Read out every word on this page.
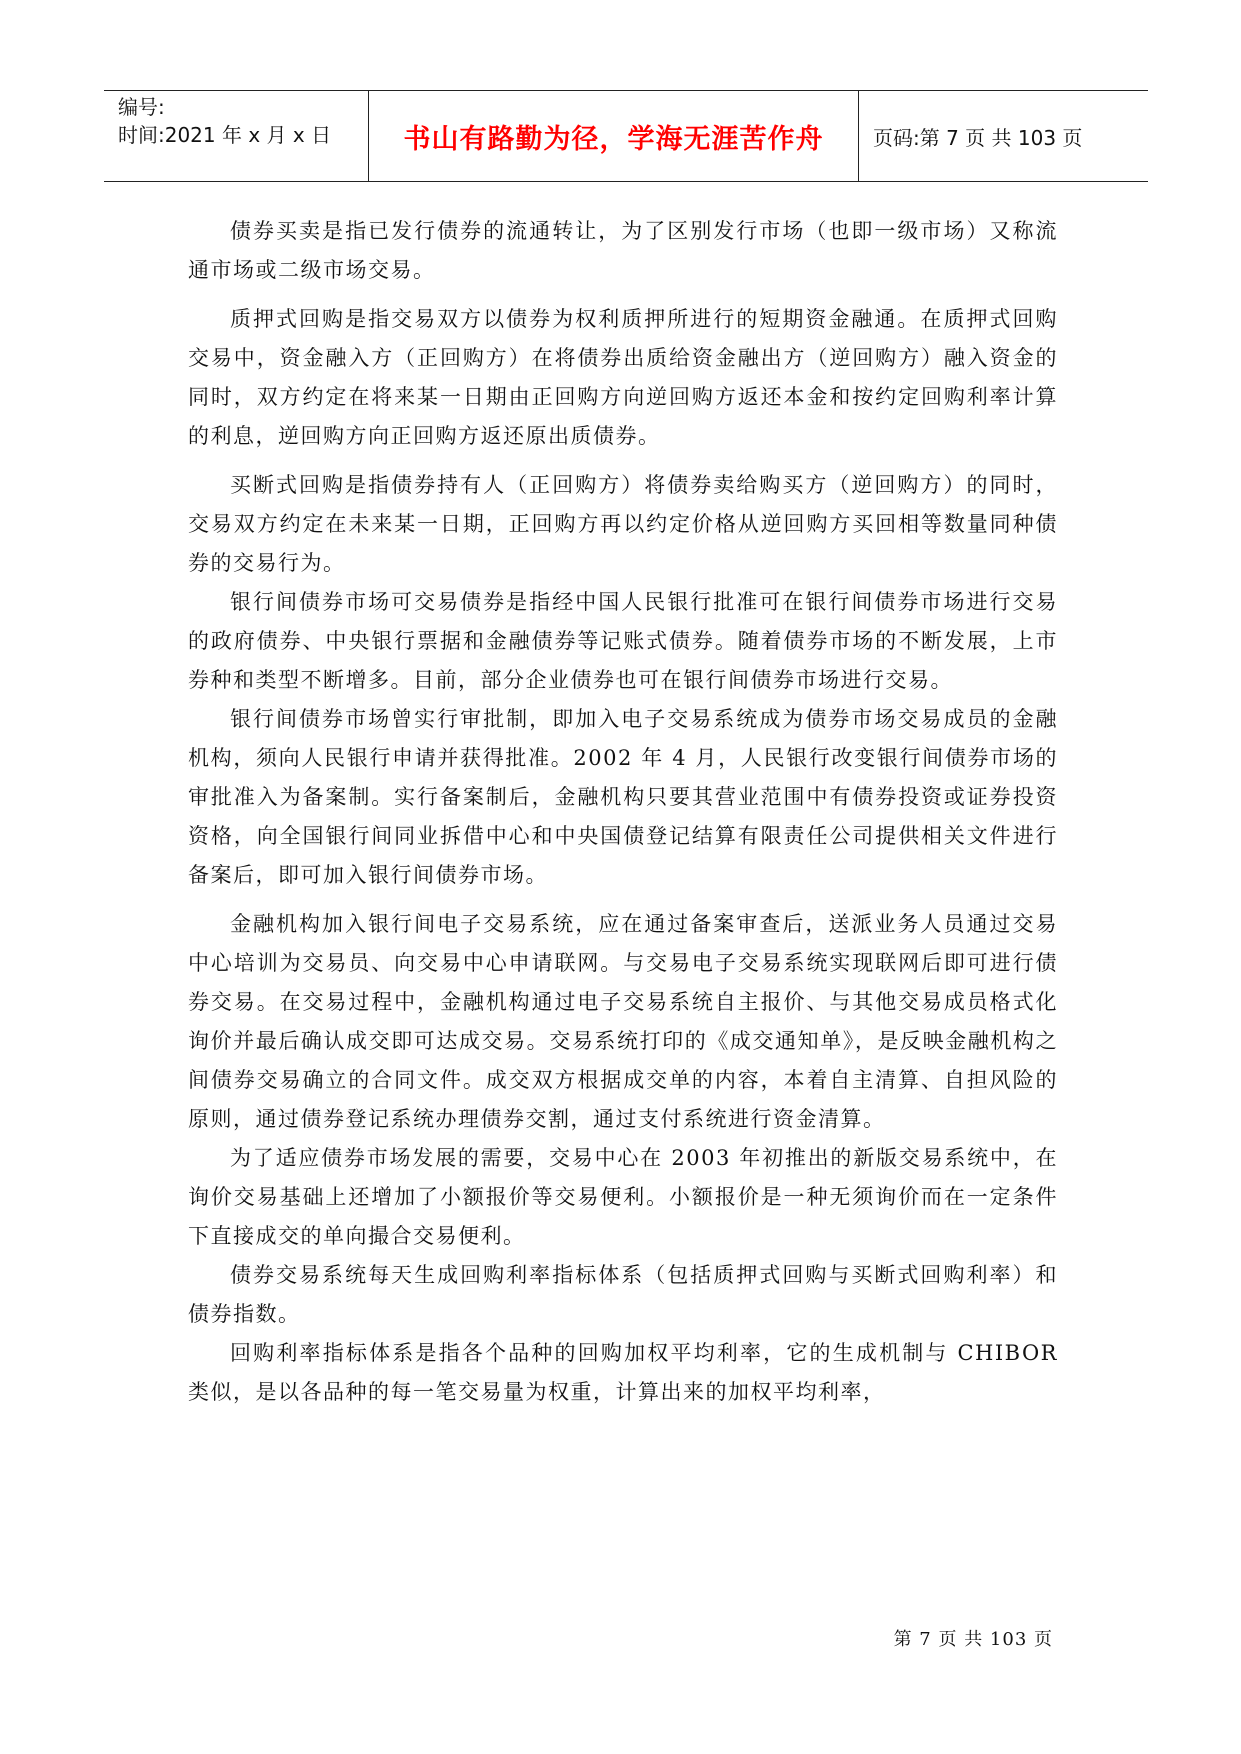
编号:
时间:2021 年 x 月 x 日	书山有路勤为径，学海无涯苦作舟 页码:第 7 页 共 103 页

债券买卖是指已发行债券的流通转让，为了区别发行市场（也即一级市场）又称流通市场或二级市场交易。

质押式回购是指交易双方以债券为权利质押所进行的短期资金融通。在质押式回购交易中，资金融入方（正回购方）在将债券出质给资金融出方（逆回购方）融入资金的同时，双方约定在将来某一日期由正回购方向逆回购方返还本金和按约定回购利率计算的利息，逆回购方向正回购方返还原出质债券。

买断式回购是指债券持有人（正回购方）将债券卖给购买方（逆回购方）的同时，交易双方约定在未来某一日期，正回购方再以约定价格从逆回购方买回相等数量同种债券的交易行为。

银行间债券市场可交易债券是指经中国人民银行批准可在银行间债券市场进行交易的政府债券、中央银行票据和金融债券等记账式债券。随着债券市场的不断发展，上市券种和类型不断增多。目前，部分企业债券也可在银行间债券市场进行交易。

银行间债券市场曾实行审批制，即加入电子交易系统成为债券市场交易成员的金融机构，须向人民银行申请并获得批准。2002 年 4 月，人民银行改变银行间债券市场的审批准入为备案制。实行备案制后，金融机构只要其营业范围中有债券投资或证券投资资格，向全国银行间同业拆借中心和中央国债登记结算有限责任公司提供相关文件进行备案后，即可加入银行间债券市场。

金融机构加入银行间电子交易系统，应在通过备案审查后，送派业务人员通过交易中心培训为交易员、向交易中心申请联网。与交易电子交易系统实现联网后即可进行债券交易。在交易过程中，金融机构通过电子交易系统自主报价、与其他交易成员格式化询价并最后确认成交即可达成交易。交易系统打印的《成交通知单》，是反映金融机构之间债券交易确立的合同文件。成交双方根据成交单的内容，本着自主清算、自担风险的原则，通过债券登记系统办理债券交割，通过支付系统进行资金清算。

为了适应债券市场发展的需要，交易中心在 2003 年初推出的新版交易系统中，在询价交易基础上还增加了小额报价等交易便利。小额报价是一种无须询价而在一定条件下直接成交的单向撮合交易便利。

债券交易系统每天生成回购利率指标体系（包括质押式回购与买断式回购利率）和债券指数。

回购利率指标体系是指各个品种的回购加权平均利率，它的生成机制与 CHIBOR 类似，是以各品种的每一笔交易量为权重，计算出来的加权平均利率，

第 7 页 共 103 页
